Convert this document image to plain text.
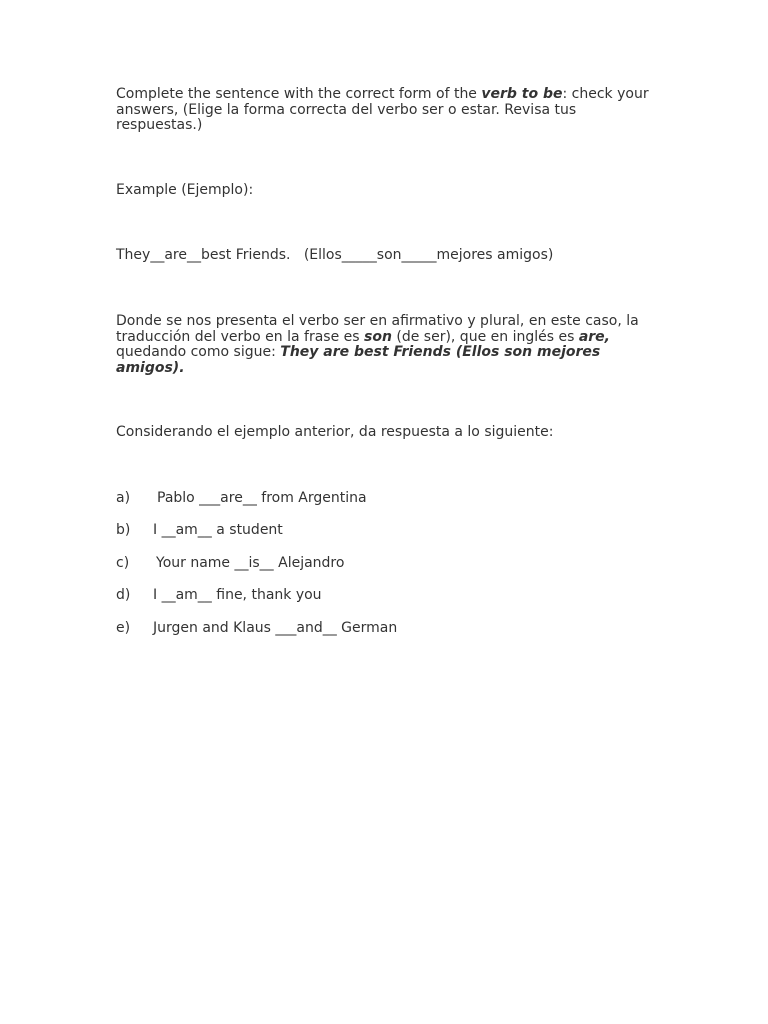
Complete the sentence with the correct form of the verb to be: check your answers, (Elige la forma correcta del verbo ser o estar. Revisa tus respuestas.)

Example (Ejemplo):

They__are__best Friends.   (Ellos_____son_____mejores amigos)

Donde se nos presenta el verbo ser en afirmativo y plural, en este caso, la traducción del verbo en la frase es son (de ser), que en inglés es are, quedando como sigue: They are best Friends (Ellos son mejores amigos).

Considerando el ejemplo anterior, da respuesta a lo siguiente:

a) Pablo ___are__ from Argentina
b) I __am__ a student
c) Your name __is__ Alejandro
d) I __am__ fine, thank you
e) Jurgen and Klaus ___and__ German
